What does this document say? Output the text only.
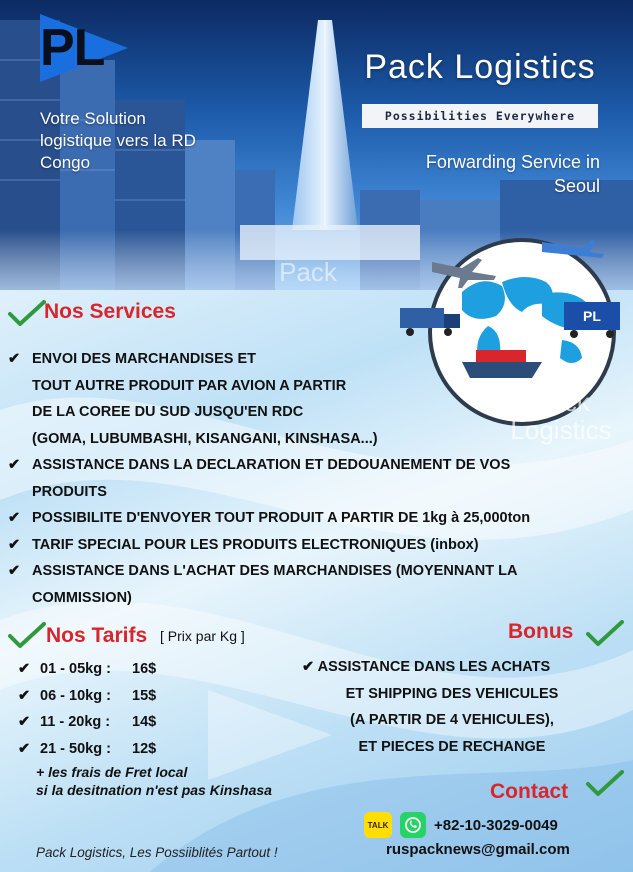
PL
Votre Solution logistique vers la RD Congo
Pack Logistics
Possibilities Everywhere
Forwarding Service in Seoul
Pack
PL
Pack Logistics
Nos Services
✔ ENVOI DES MARCHANDISES ET
TOUT AUTRE PRODUIT PAR AVION A PARTIR
DE LA COREE DU SUD JUSQU'EN RDC
(GOMA, LUBUMBASHI, KISANGANI, KINSHASA...)
✔ ASSISTANCE DANS LA DECLARATION ET DEDOUANEMENT DE VOS PRODUITS
✔ POSSIBILITE D'ENVOYER TOUT PRODUIT A PARTIR DE 1kg à 25,000ton
✔ TARIF SPECIAL POUR LES PRODUITS ELECTRONIQUES (inbox)
✔ ASSISTANCE DANS L'ACHAT DES MARCHANDISES (MOYENNANT LA COMMISSION)
Nos Tarifs [ Prix par Kg ]
✔ 01 - 05kg :	16$
✔ 06 - 10kg :	15$
✔ 11 - 20kg :	14$
✔ 21 - 50kg :	12$
+ les frais de Fret local
si la desitnation n'est pas Kinshasa
Bonus
✔ ASSISTANCE DANS LES ACHATS
ET SHIPPING DES VEHICULES
(A PARTIR DE 4 VEHICULES),
ET PIECES DE RECHANGE
Contact
TALK	+82-10-3029-0049
ruspacknews@gmail.com
Pack Logistics, Les Possiiblités Partout !
